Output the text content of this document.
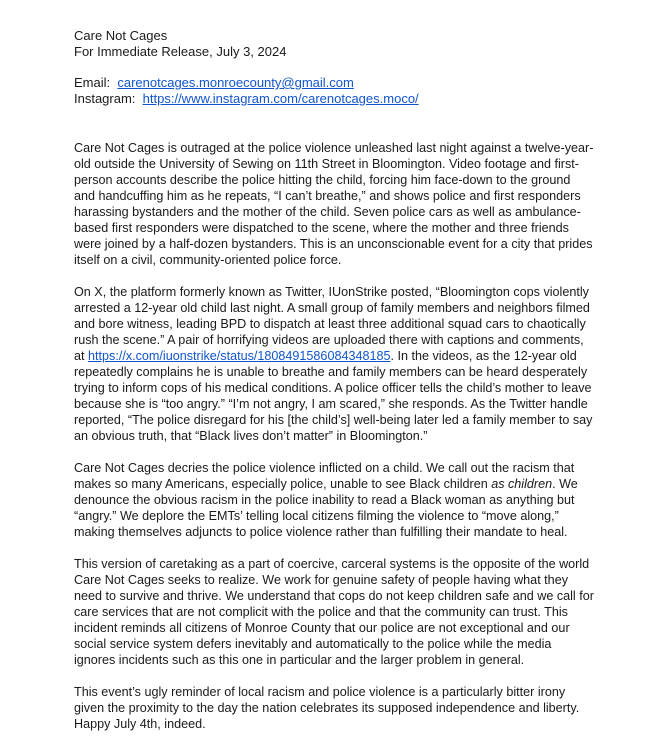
Care Not Cages
For Immediate Release, July 3, 2024
Email: carenotcages.monroecounty@gmail.com
Instagram: https://www.instagram.com/carenotcages.moco/

Care Not Cages is outraged at the police violence unleashed last night against a twelve-year-old outside the University of Sewing on 11th Street in Bloomington. Video footage and first-person accounts describe the police hitting the child, forcing him face-down to the ground and handcuffing him as he repeats, “I can’t breathe,” and shows police and first responders harassing bystanders and the mother of the child. Seven police cars as well as ambulance-based first responders were dispatched to the scene, where the mother and three friends were joined by a half-dozen bystanders. This is an unconscionable event for a city that prides itself on a civil, community-oriented police force.

On X, the platform formerly known as Twitter, IUonStrike posted, “Bloomington cops violently arrested a 12-year old child last night. A small group of family members and neighbors filmed and bore witness, leading BPD to dispatch at least three additional squad cars to chaotically rush the scene.” A pair of horrifying videos are uploaded there with captions and comments, at https://x.com/iuonstrike/status/1808491586084348185. In the videos, as the 12-year old repeatedly complains he is unable to breathe and family members can be heard desperately trying to inform cops of his medical conditions. A police officer tells the child’s mother to leave because she is “too angry.” “I’m not angry, I am scared,” she responds. As the Twitter handle reported, “The police disregard for his [the child’s] well-being later led a family member to say an obvious truth, that “Black lives don’t matter” in Bloomington.”

Care Not Cages decries the police violence inflicted on a child. We call out the racism that makes so many Americans, especially police, unable to see Black children as children. We denounce the obvious racism in the police inability to read a Black woman as anything but “angry.” We deplore the EMTs’ telling local citizens filming the violence to “move along,” making themselves adjuncts to police violence rather than fulfilling their mandate to heal.

This version of caretaking as a part of coercive, carceral systems is the opposite of the world Care Not Cages seeks to realize. We work for genuine safety of people having what they need to survive and thrive. We understand that cops do not keep children safe and we call for care services that are not complicit with the police and that the community can trust. This incident reminds all citizens of Monroe County that our police are not exceptional and our social service system defers inevitably and automatically to the police while the media ignores incidents such as this one in particular and the larger problem in general.

This event’s ugly reminder of local racism and police violence is a particularly bitter irony given the proximity to the day the nation celebrates its supposed independence and liberty. Happy July 4th, indeed.
